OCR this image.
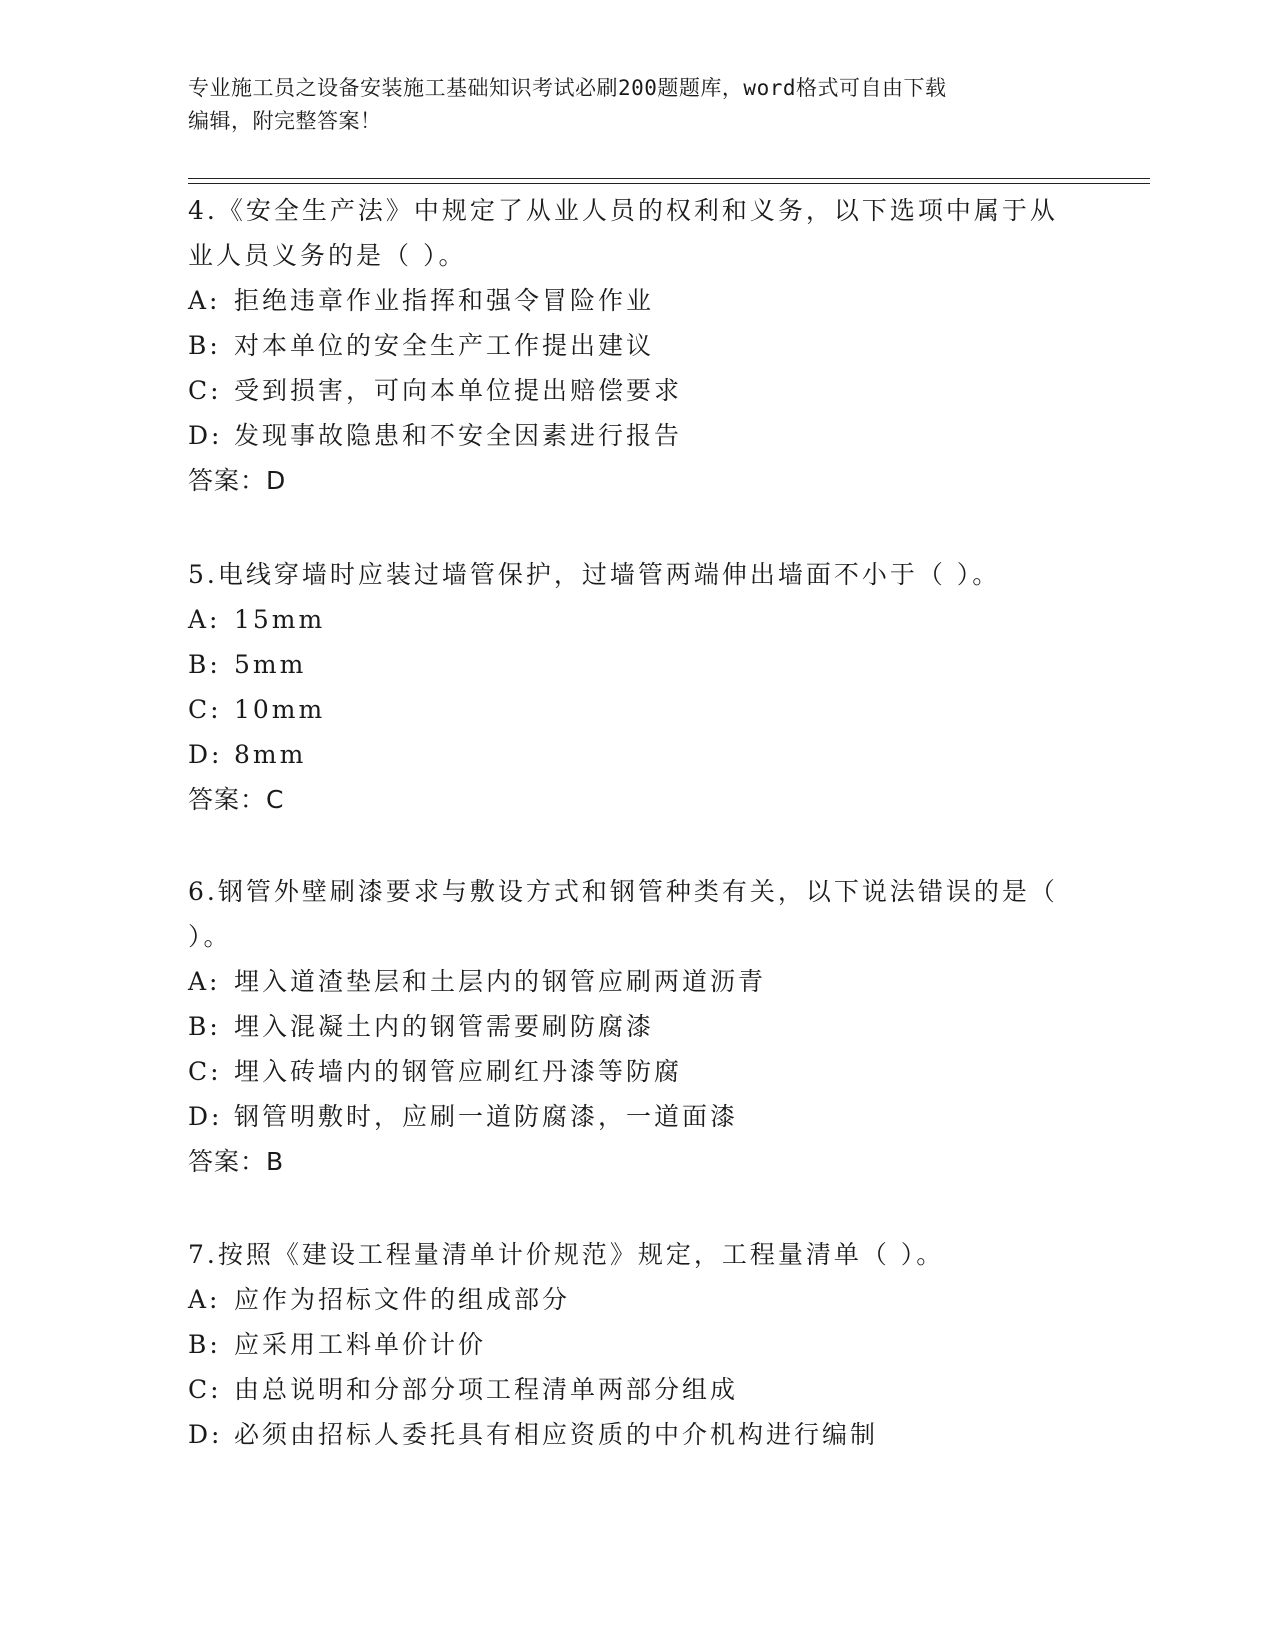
专业施工员之设备安装施工基础知识考试必刷200题题库，word格式可自由下载
编辑，附完整答案！
4.《安全生产法》中规定了从业人员的权利和义务，以下选项中属于从业人员义务的是（ ）。
A: 拒绝违章作业指挥和强令冒险作业
B: 对本单位的安全生产工作提出建议
C: 受到损害，可向本单位提出赔偿要求
D: 发现事故隐患和不安全因素进行报告
答案：D
5.电线穿墙时应装过墙管保护，过墙管两端伸出墙面不小于（ ）。
A: 15mm
B: 5mm
C: 10mm
D: 8mm
答案：C
6.钢管外壁刷漆要求与敷设方式和钢管种类有关，以下说法错误的是（ ）。
A: 埋入道渣垫层和土层内的钢管应刷两道沥青
B: 埋入混凝土内的钢管需要刷防腐漆
C: 埋入砖墙内的钢管应刷红丹漆等防腐
D: 钢管明敷时，应刷一道防腐漆，一道面漆
答案：B
7.按照《建设工程量清单计价规范》规定，工程量清单（ ）。
A: 应作为招标文件的组成部分
B: 应采用工料单价计价
C: 由总说明和分部分项工程清单两部分组成
D: 必须由招标人委托具有相应资质的中介机构进行编制
